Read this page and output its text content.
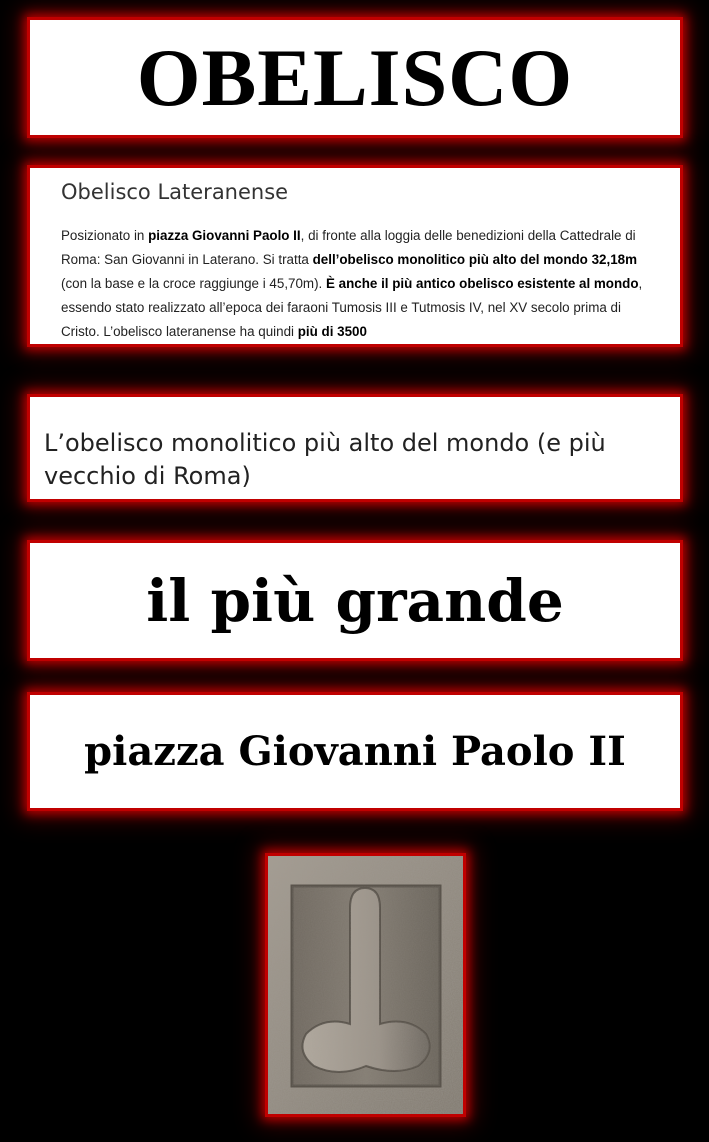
OBELISCO
Obelisco Lateranense

Posizionato in piazza Giovanni Paolo II, di fronte alla loggia delle benedizioni della Cattedrale di Roma: San Giovanni in Laterano. Si tratta dell’obelisco monolitico più alto del mondo 32,18m (con la base e la croce raggiunge i 45,70m). È anche il più antico obelisco esistente al mondo, essendo stato realizzato all’epoca dei faraoni Tumosis III e Tutmosis IV, nel XV secolo prima di Cristo. L’obelisco lateranense ha quindi più di 3500

L’obelisco monolitico più alto del mondo (e più vecchio di Roma)
il più grande
piazza Giovanni Paolo II
